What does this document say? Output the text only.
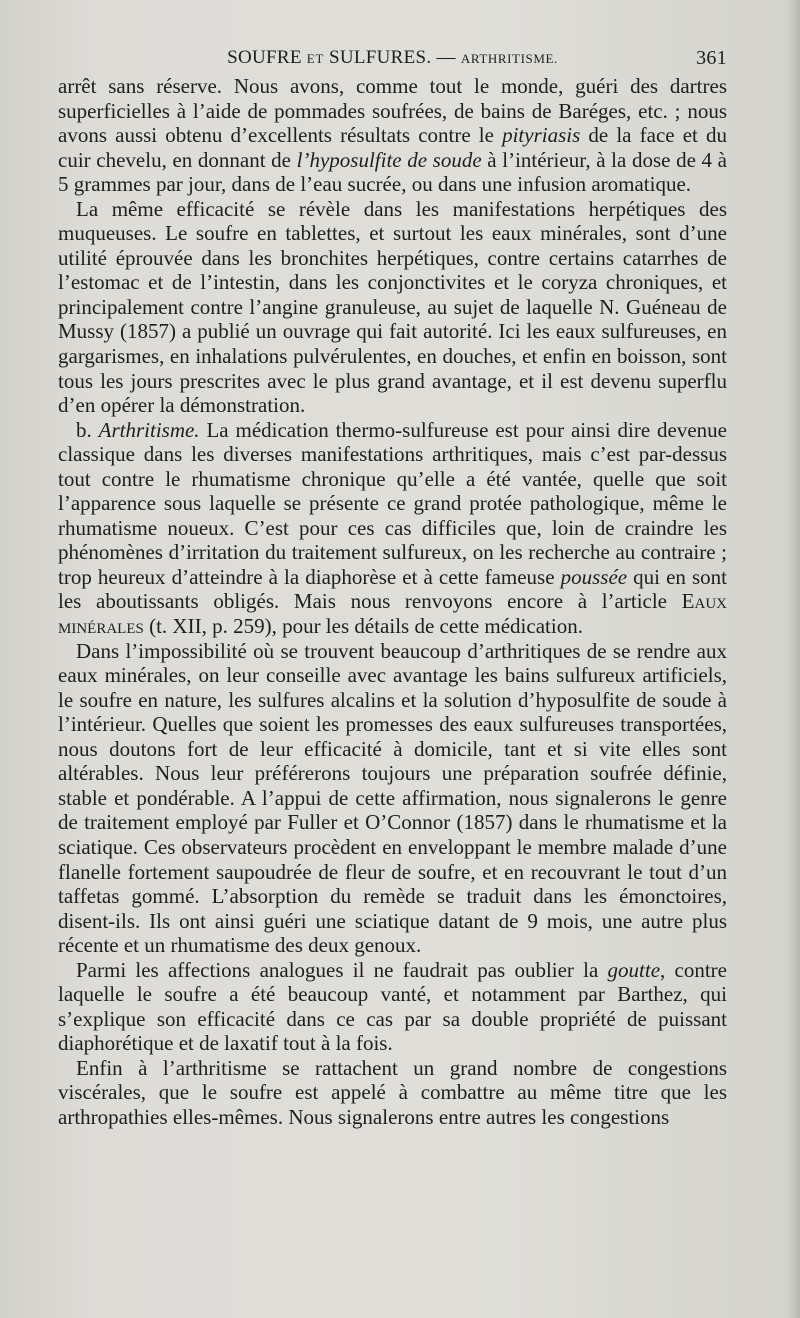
SOUFRE ET SULFURES. — ARTHRITISME.	361

arrêt sans réserve. Nous avons, comme tout le monde, guéri des dartres superficielles à l’aide de pommades soufrées, de bains de Baréges, etc. ; nous avons aussi obtenu d’excellents résultats contre le pityriasis de la face et du cuir chevelu, en donnant de l’hyposulfite de soude à l’intérieur, à la dose de 4 à 5 grammes par jour, dans de l’eau sucrée, ou dans une infusion aromatique.

La même efficacité se révèle dans les manifestations herpétiques des muqueuses. Le soufre en tablettes, et surtout les eaux minérales, sont d’une utilité éprouvée dans les bronchites herpétiques, contre certains catarrhes de l’estomac et de l’intestin, dans les conjonctivites et le coryza chroniques, et principalement contre l’angine granuleuse, au sujet de laquelle N. Guéneau de Mussy (1857) a publié un ouvrage qui fait autorité. Ici les eaux sulfureuses, en gargarismes, en inhalations pulvérulentes, en douches, et enfin en boisson, sont tous les jours prescrites avec le plus grand avantage, et il est devenu superflu d’en opérer la démonstration.

b. Arthritisme. La médication thermo-sulfureuse est pour ainsi dire devenue classique dans les diverses manifestations arthritiques, mais c’est par-dessus tout contre le rhumatisme chronique qu’elle a été vantée, quelle que soit l’apparence sous laquelle se présente ce grand protée pathologique, même le rhumatisme noueux. C’est pour ces cas difficiles que, loin de craindre les phénomènes d’irritation du traitement sulfureux, on les recherche au contraire ; trop heureux d’atteindre à la diaphorèse et à cette fameuse poussée qui en sont les aboutissants obligés. Mais nous renvoyons encore à l’article Eaux minérales (t. XII, p. 259), pour les détails de cette médication.

Dans l’impossibilité où se trouvent beaucoup d’arthritiques de se rendre aux eaux minérales, on leur conseille avec avantage les bains sulfureux artificiels, le soufre en nature, les sulfures alcalins et la solution d’hyposulfite de soude à l’intérieur. Quelles que soient les promesses des eaux sulfureuses transportées, nous doutons fort de leur efficacité à domicile, tant et si vite elles sont altérables. Nous leur préférerons toujours une préparation soufrée définie, stable et pondérable. A l’appui de cette affirmation, nous signalerons le genre de traitement employé par Fuller et O’Connor (1857) dans le rhumatisme et la sciatique. Ces observateurs procèdent en enveloppant le membre malade d’une flanelle fortement saupoudrée de fleur de soufre, et en recouvrant le tout d’un taffetas gommé. L’absorption du remède se traduit dans les émonctoires, disent-ils. Ils ont ainsi guéri une sciatique datant de 9 mois, une autre plus récente et un rhumatisme des deux genoux.

Parmi les affections analogues il ne faudrait pas oublier la goutte, contre laquelle le soufre a été beaucoup vanté, et notamment par Barthez, qui s’explique son efficacité dans ce cas par sa double propriété de puissant diaphorétique et de laxatif tout à la fois.

Enfin à l’arthritisme se rattachent un grand nombre de congestions viscérales, que le soufre est appelé à combattre au même titre que les arthropathies elles-mêmes. Nous signalerons entre autres les congestions
